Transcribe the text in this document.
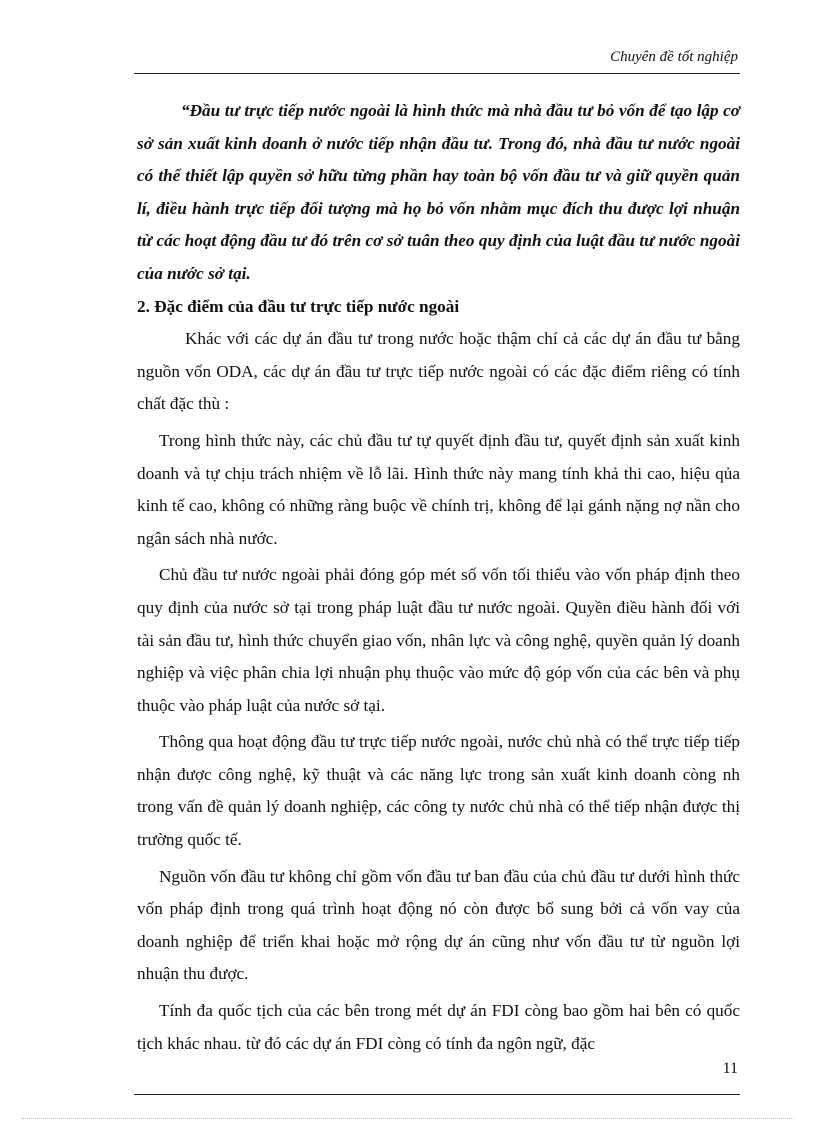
Chuyên đề tốt nghiệp

“Đầu tư trực tiếp nước ngoài là hình thức mà nhà đầu tư bỏ vốn để tạo lập cơ sở sản xuất kinh doanh ở nước tiếp nhận đầu tư. Trong đó, nhà đầu tư nước ngoài có thể thiết lập quyền sở hữu từng phần hay toàn bộ vốn đầu tư và giữ quyền quản lí, điều hành trực tiếp đối tượng mà họ bỏ vốn nhằm mục đích thu được lợi nhuận từ các hoạt động đầu tư đó trên cơ sở tuân theo quy định của luật đầu tư nước ngoài của nước sở tại.

2. Đặc điểm của đầu tư trực tiếp nước ngoài

Khác với các dự án đầu tư trong nước hoặc thậm chí cả các dự án đầu tư bằng nguồn vốn ODA, các dự án đầu tư trực tiếp nước ngoài có các đặc điểm riêng có tính chất đặc thù :

Trong hình thức này, các chủ đầu tư tự quyết định đầu tư, quyết định sản xuất kinh doanh và tự chịu trách nhiệm về lỗ lãi. Hình thức này mang tính khả thi cao, hiệu qủa kinh tế cao, không có những ràng buộc về chính trị, không để lại gánh nặng nợ nần cho ngân sách nhà nước.

Chủ đầu tư nước ngoài phải đóng góp mét số vốn tối thiểu vào vốn pháp định theo quy định của nước sở tại trong pháp luật đầu tư nước ngoài. Quyền điều hành đối với tài sản đầu tư, hình thức chuyển giao vốn, nhân lực và công nghệ, quyền quản lý doanh nghiệp và việc phân chia lợi nhuận phụ thuộc vào mức độ góp vốn của các bên và phụ thuộc vào pháp luật của nước sở tại.

Thông qua hoạt động đầu tư trực tiếp nước ngoài, nước chủ nhà có thể trực tiếp tiếp nhận được công nghệ, kỹ thuật và các năng lực trong sản xuất kinh doanh còng nh trong vấn đề quản lý doanh nghiệp, các công ty nước chủ nhà có thể tiếp nhận được thị trường quốc tế.

Nguồn vốn đầu tư không chỉ gồm vốn đầu tư ban đầu của chủ đầu tư dưới hình thức vốn pháp định trong quá trình hoạt động nó còn được bổ sung bởi cả vốn vay của doanh nghiệp để triển khai hoặc mở rộng dự án cũng như vốn đầu tư từ nguồn lợi nhuận thu được.

Tính đa quốc tịch của các bên trong mét dự án FDI còng bao gồm hai bên có quốc tịch khác nhau. từ đó các dự án FDI còng có tính đa ngôn ngữ, đặc

11
